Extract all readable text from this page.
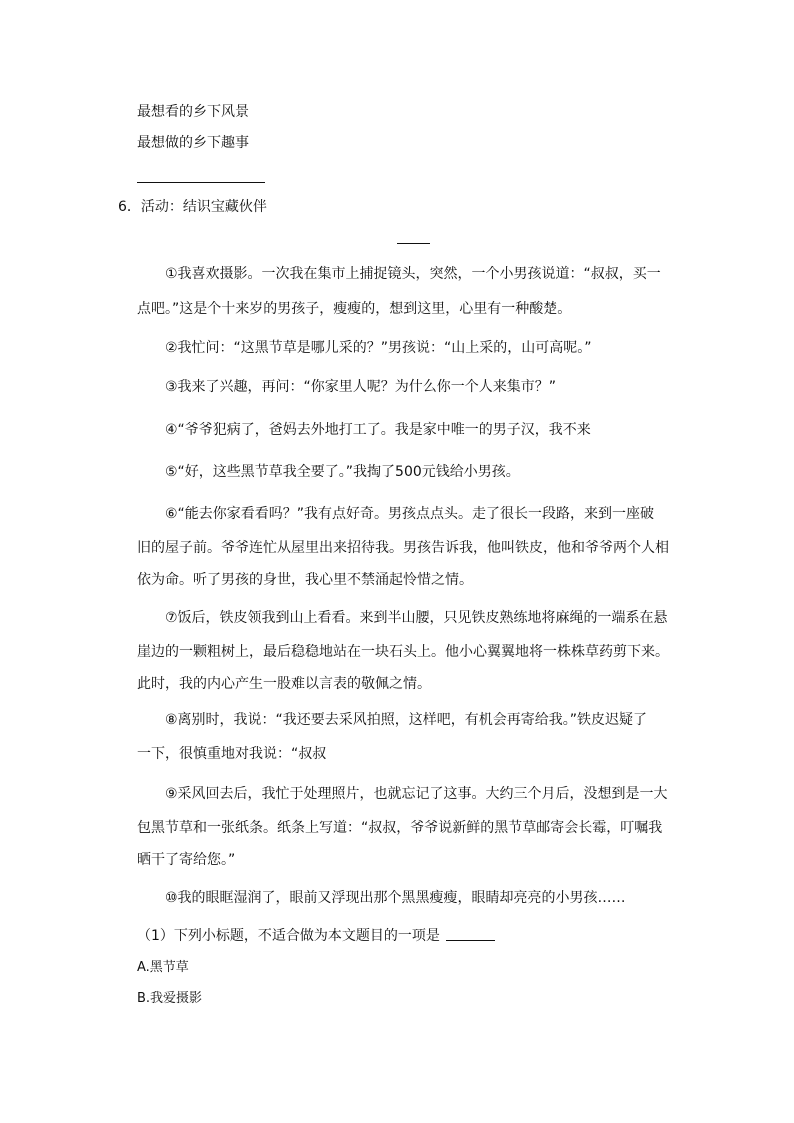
最想看的乡下风景
最想做的乡下趣事
6．活动：结识宝藏伙伴
①我喜欢摄影。一次我在集市上捕捉镜头，突然，一个小男孩说道：“叔叔，买一
点吧。”这是个十来岁的男孩子，瘦瘦的，想到这里，心里有一种酸楚。
②我忙问：“这黑节草是哪儿采的？”男孩说：“山上采的，山可高呢。”
③我来了兴趣，再问：“你家里人呢？为什么你一个人来集市？”
④“爷爷犯病了，爸妈去外地打工了。我是家中唯一的男子汉，我不来
⑤“好，这些黑节草我全要了。”我掏了500元钱给小男孩。
⑥“能去你家看看吗？”我有点好奇。男孩点点头。走了很长一段路，来到一座破
旧的屋子前。爷爷连忙从屋里出来招待我。男孩告诉我，他叫铁皮，他和爷爷两个人相
依为命。听了男孩的身世，我心里不禁涌起怜惜之情。
⑦饭后，铁皮领我到山上看看。来到半山腰，只见铁皮熟练地将麻绳的一端系在悬
崖边的一颗粗树上，最后稳稳地站在一块石头上。他小心翼翼地将一株株草药剪下来。
此时，我的内心产生一股难以言表的敬佩之情。
⑧离别时，我说：“我还要去采风拍照，这样吧，有机会再寄给我。”铁皮迟疑了
一下，很慎重地对我说：“叔叔
⑨采风回去后，我忙于处理照片，也就忘记了这事。大约三个月后，没想到是一大
包黑节草和一张纸条。纸条上写道：“叔叔，爷爷说新鲜的黑节草邮寄会长霉，叮嘱我
晒干了寄给您。”
⑩我的眼眶湿润了，眼前又浮现出那个黑黑瘦瘦，眼睛却亮亮的小男孩……
（1）下列小标题，不适合做为本文题目的一项是
A.黑节草
B.我爱摄影
